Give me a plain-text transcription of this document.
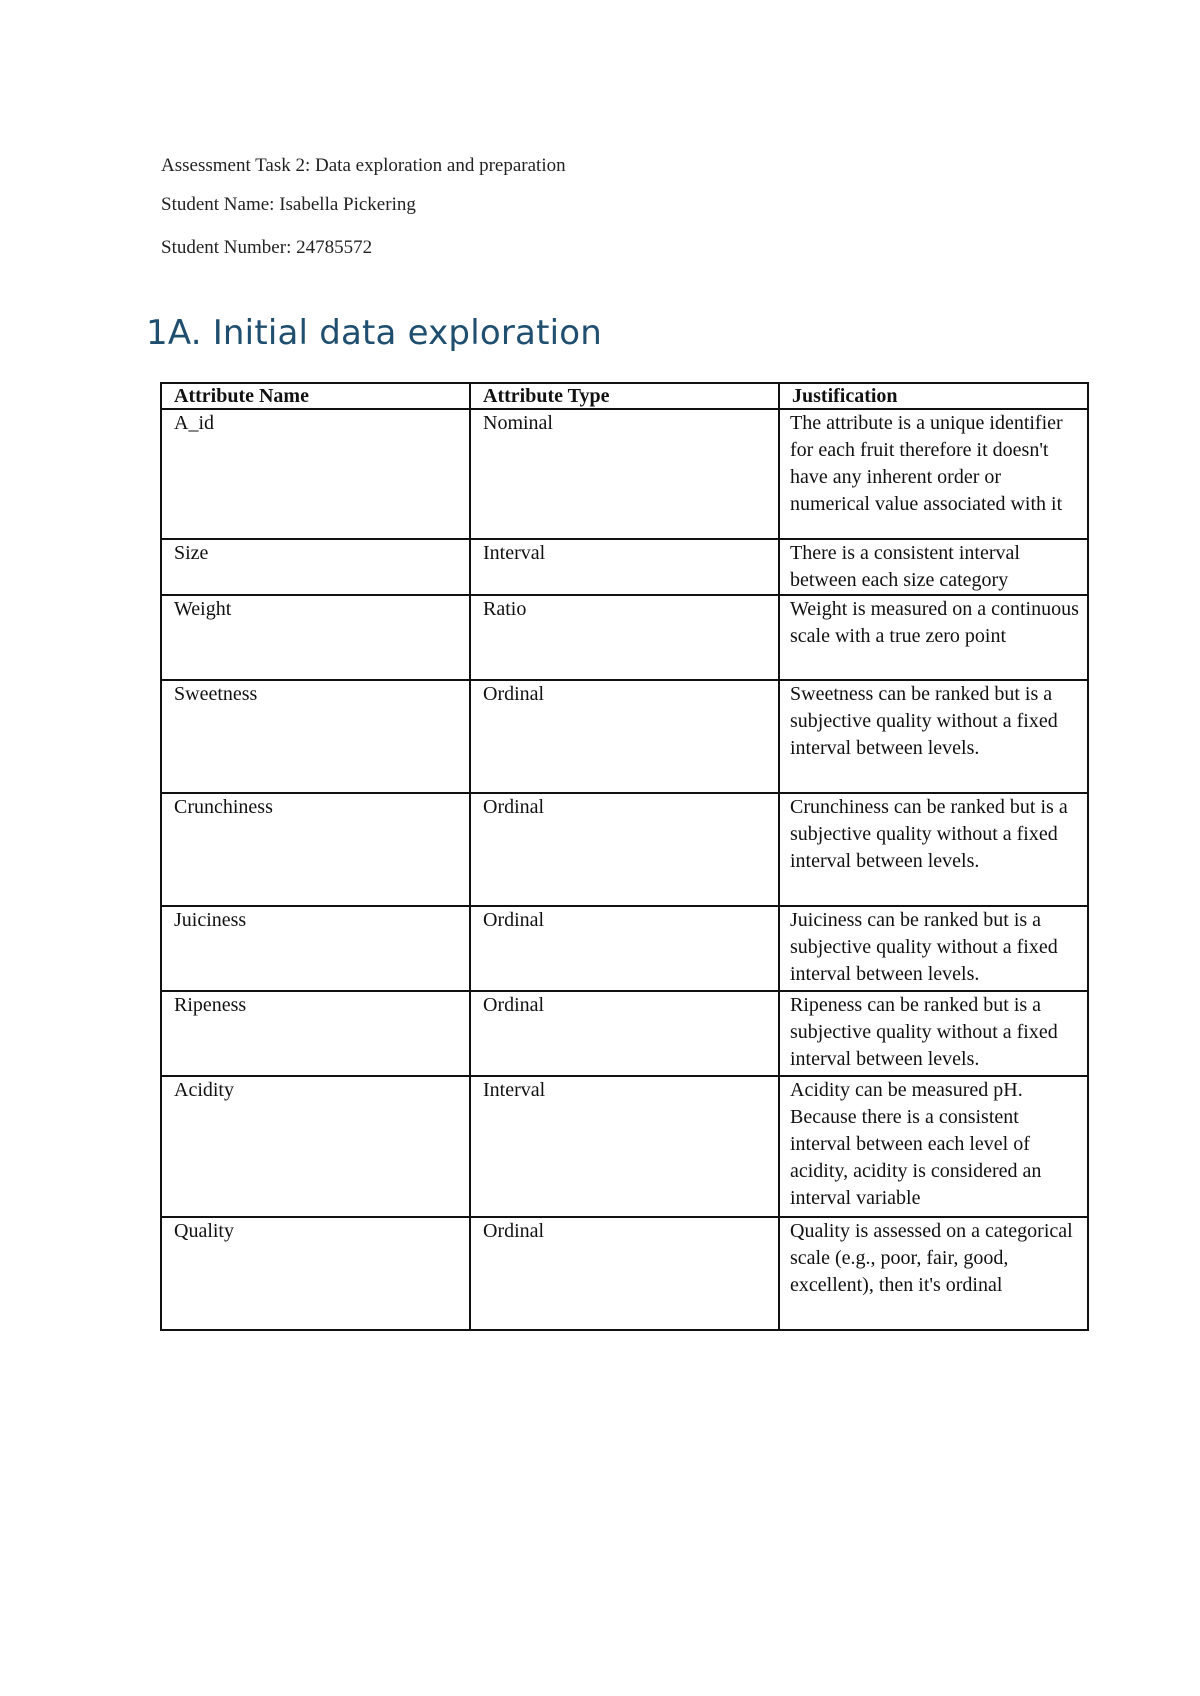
Assessment Task 2: Data exploration and preparation
Student Name: Isabella Pickering
Student Number: 24785572
1A. Initial data exploration
Attribute Name	Attribute Type	Justification
A_id	Nominal	The attribute is a unique identifier for each fruit therefore it doesn't have any inherent order or numerical value associated with it
Size	Interval	There is a consistent interval between each size category
Weight	Ratio	Weight is measured on a continuous scale with a true zero point
Sweetness	Ordinal	Sweetness can be ranked but is a subjective quality without a fixed interval between levels.
Crunchiness	Ordinal	Crunchiness can be ranked but is a subjective quality without a fixed interval between levels.
Juiciness	Ordinal	Juiciness can be ranked but is a subjective quality without a fixed interval between levels.
Ripeness	Ordinal	Ripeness can be ranked but is a subjective quality without a fixed interval between levels.
Acidity	Interval	Acidity can be measured pH. Because there is a consistent interval between each level of acidity, acidity is considered an interval variable
Quality	Ordinal	Quality is assessed on a categorical scale (e.g., poor, fair, good, excellent), then it's ordinal
